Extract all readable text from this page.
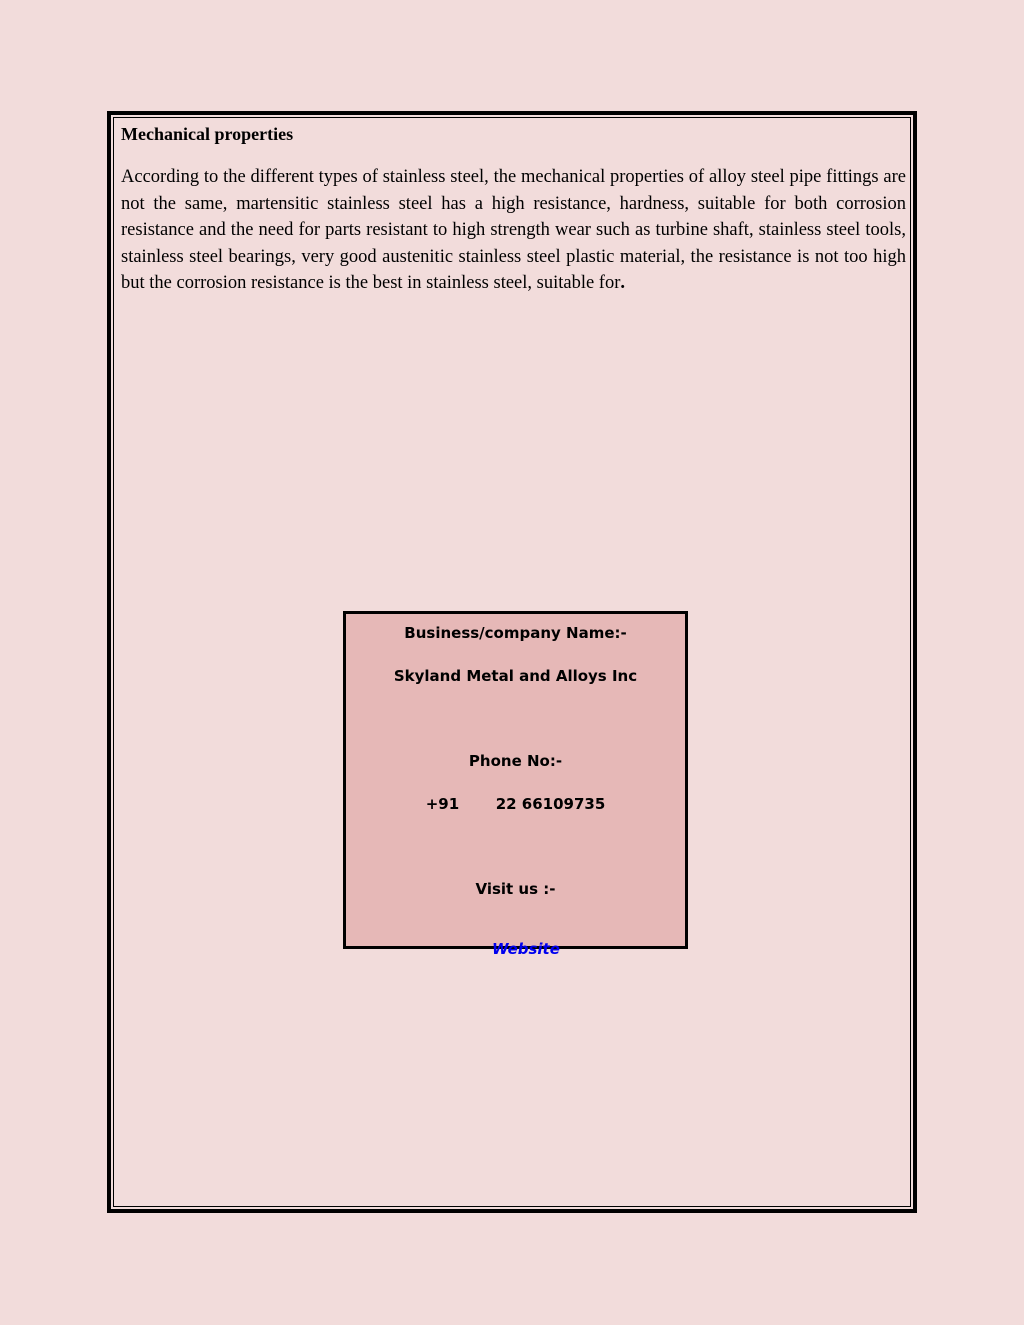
Mechanical properties

According to the different types of stainless steel, the mechanical properties of alloy steel pipe fittings are not the same, martensitic stainless steel has a high resistance, hardness, suitable for both corrosion resistance and the need for parts resistant to high strength wear such as turbine shaft, stainless steel tools, stainless steel bearings, very good austenitic stainless steel plastic material, the resistance is not too high but the corrosion resistance is the best in stainless steel, suitable for.

Business/company Name:-
Skyland Metal and Alloys Inc
Phone No:-
+91       22 66109735
Visit us :-

Website
